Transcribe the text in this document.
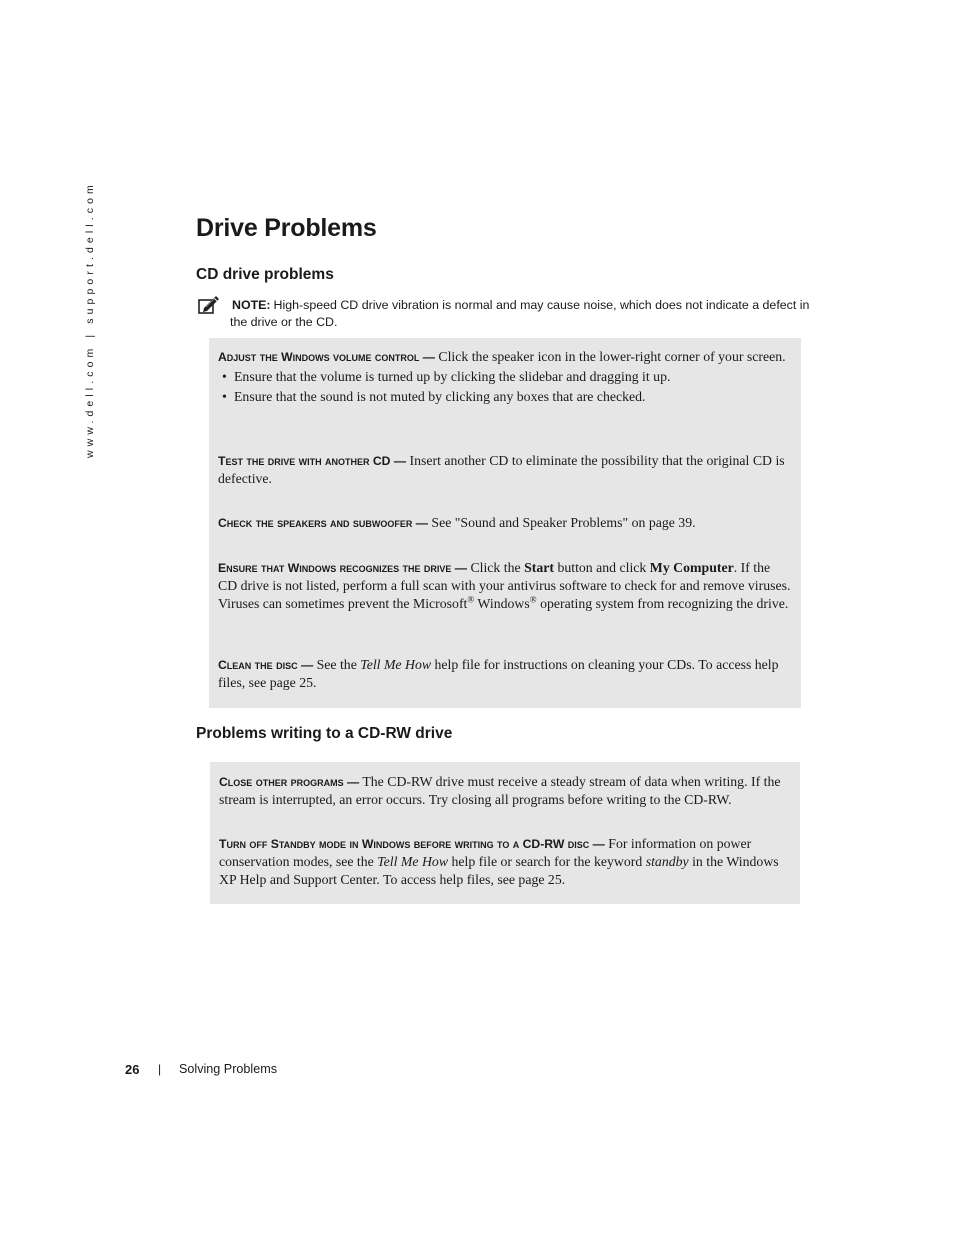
www.dell.com | support.dell.com	Drive Problems
CD drive problems
NOTE: High-speed CD drive vibration is normal and may cause noise, which does not indicate a defect in the drive or the CD.
Adjust the Windows volume control — Click the speaker icon in the lower-right corner of your screen.
• Ensure that the volume is turned up by clicking the slidebar and dragging it up.
• Ensure that the sound is not muted by clicking any boxes that are checked.
Test the drive with another CD — Insert another CD to eliminate the possibility that the original CD is defective.
Check the speakers and subwoofer — See "Sound and Speaker Problems" on page 39.
Ensure that Windows recognizes the drive — Click the Start button and click My Computer. If the CD drive is not listed, perform a full scan with your antivirus software to check for and remove viruses. Viruses can sometimes prevent the Microsoft® Windows® operating system from recognizing the drive.
Clean the disc — See the Tell Me How help file for instructions on cleaning your CDs. To access help files, see page 25.
Problems writing to a CD-RW drive
Close other programs — The CD-RW drive must receive a steady stream of data when writing. If the stream is interrupted, an error occurs. Try closing all programs before writing to the CD-RW.
Turn off Standby mode in Windows before writing to a CD-RW disc — For information on power conservation modes, see the Tell Me How help file or search for the keyword standby in the Windows XP Help and Support Center. To access help files, see page 25.
26 | Solving Problems
